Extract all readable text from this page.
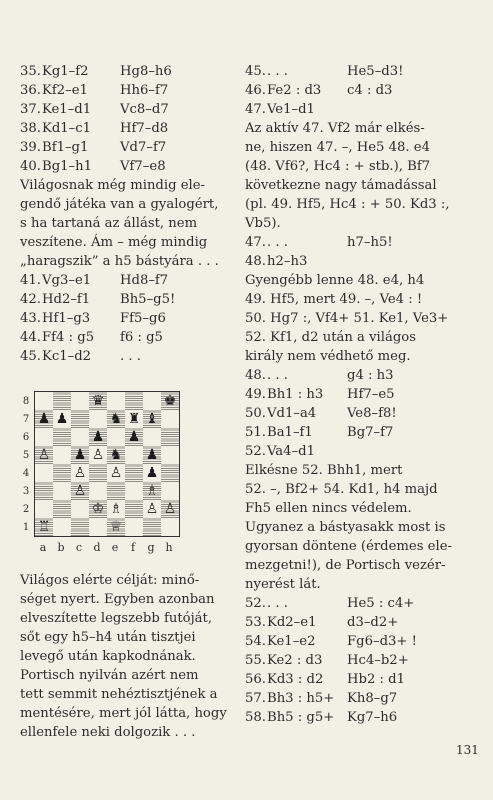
35. Kg1–f2	Hg8–h6
36. Kf2–e1	Hh6–f7
37. Ke1–d1	Vc8–d7
38. Kd1–c1	Hf7–d8
39. Bf1–g1	Vd7–f7
40. Bg1–h1	Vf7–e8
Világosnak még mindig ele-
gendő játéka van a gyalogért,
s ha tartaná az állást, nem
veszítene. Ám – még mindig
„haragszik” a h5 bástyára . . .
41. Vg3–e1	Hd8–f7
42. Hd2–f1	Bh5–g5!
43. Hf1–g3	Ff5–g6
44. Ff4 : g5	f6 : g5
45. Kc1–d2	. . .
8
7
6
5
4
3
2
1
♛	♚
♟ ♟	♞ ♜ ♝
♟ ♟
♙ ♟ ♙ ♞ ♟
♙ ♙ ♟
♙	♗
♔ ♗ ♙ ♙
♖	♕
a	b	c	d	e	f	g h
Világos elérte célját: minő-
séget nyert. Egyben azonban
elveszítette legszebb futóját,
sőt egy h5–h4 után tisztjei
levegő után kapkodnának.
Portisch nyilván azért nem
tett semmit nehéztisztjének a
mentésére, mert jól látta, hogy
ellenfele neki dolgozik . . .
45. . . .	He5–d3!
46. Fe2 : d3	c4 : d3
47. Ve1–d1
Az aktív 47. Vf2 már elkés-
ne, hiszen 47. –, He5 48. e4
(48. Vf6?, Hc4 : + stb.), Bf7
következne nagy támadással
(pl. 49. Hf5, Hc4 : + 50. Kd3 :,
Vb5).
47. . . .	h7–h5!
48. h2–h3
Gyengébb lenne 48. e4, h4
49. Hf5, mert 49. –, Ve4 : !
50. Hg7 :, Vf4+ 51. Ke1, Ve3+
52. Kf1, d2 után a világos
király nem védhető meg.
48. . . .	g4 : h3
49. Bh1 : h3	Hf7–e5
50. Vd1–a4	Ve8–f8!
51. Ba1–f1	Bg7–f7
52. Va4–d1
Elkésne 52. Bhh1, mert
52. –, Bf2+ 54. Kd1, h4 majd
Fh5 ellen nincs védelem.
Ugyanez a bástyasakk most is
gyorsan döntene (érdemes ele-
mezgetni!), de Portisch vezér-
nyerést lát.
52. . . .	He5 : c4+
53. Kd2–e1	d3–d2+
54. Ke1–e2	Fg6–d3+ !
55. Ke2 : d3	Hc4–b2+
56. Kd3 : d2	Hb2 : d1
57. Bh3 : h5+ Kh8–g7
58. Bh5 : g5+ Kg7–h6
131
